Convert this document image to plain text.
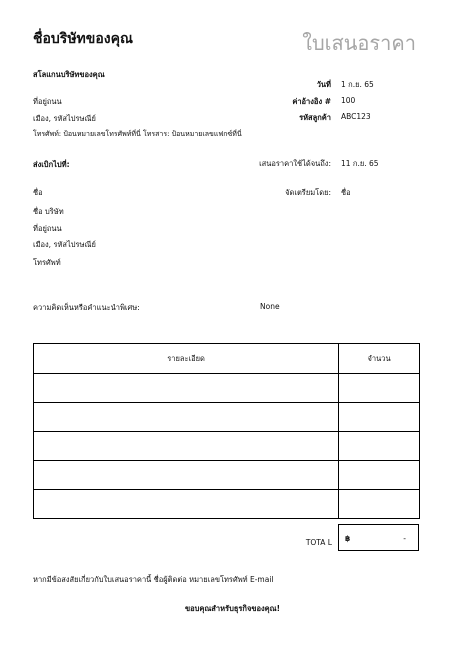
ชื่อบริษัทของคุณ	ใบเสนอราคา
สโลแกนบริษัทของคุณ
ที่อยู่ถนน
เมือง, รหัสไปรษณีย์
โทรศัพท์: ป้อนหมายเลขโทรศัพท์ที่นี่ โทรสาร: ป้อนหมายเลขแฟกซ์ที่นี่
วันที่ 1 ก.ย. 65
ค่าอ้างอิง # 100
รหัสลูกค้า ABC123
ส่งเบิกไปที่:
ชื่อ
ชื่อ บริษัท
ที่อยู่ถนน
เมือง, รหัสไปรษณีย์
โทรศัพท์
เสนอราคาใช้ได้จนถึง: 11 ก.ย. 65
จัดเตรียมโดย: ชื่อ
ความคิดเห็นหรือคำแนะนำพิเศษ:	None
รายละเอียด	จำนวน

TOTA L ฿	-
หากมีข้อสงสัยเกี่ยวกับใบเสนอราคานี้ ชื่อผู้ติดต่อ หมายเลขโทรศัพท์ E-mail
ขอบคุณสำหรับธุรกิจของคุณ!
